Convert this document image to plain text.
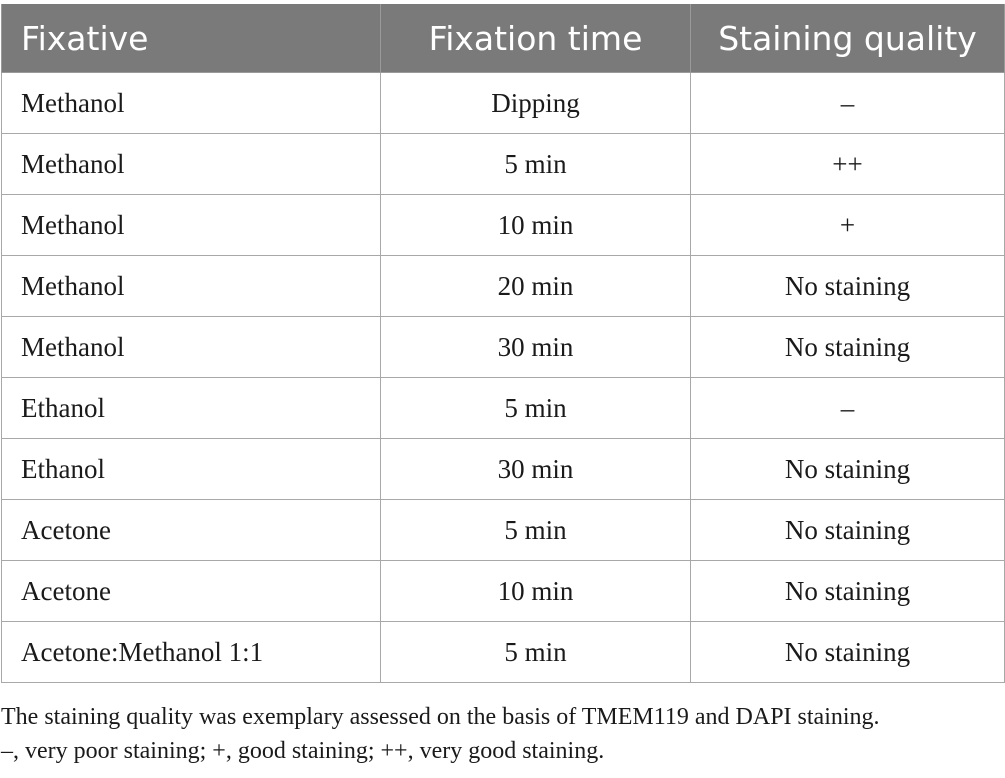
Fixative	Fixation time	Staining quality
Methanol	Dipping	–
Methanol	5 min	++
Methanol	10 min	+
Methanol	20 min	No staining
Methanol	30 min	No staining
Ethanol	5 min	–
Ethanol	30 min	No staining
Acetone	5 min	No staining
Acetone	10 min	No staining
Acetone:Methanol 1:1	5 min	No staining

The staining quality was exemplary assessed on the basis of TMEM119 and DAPI staining.

–, very poor staining; +, good staining; ++, very good staining.
